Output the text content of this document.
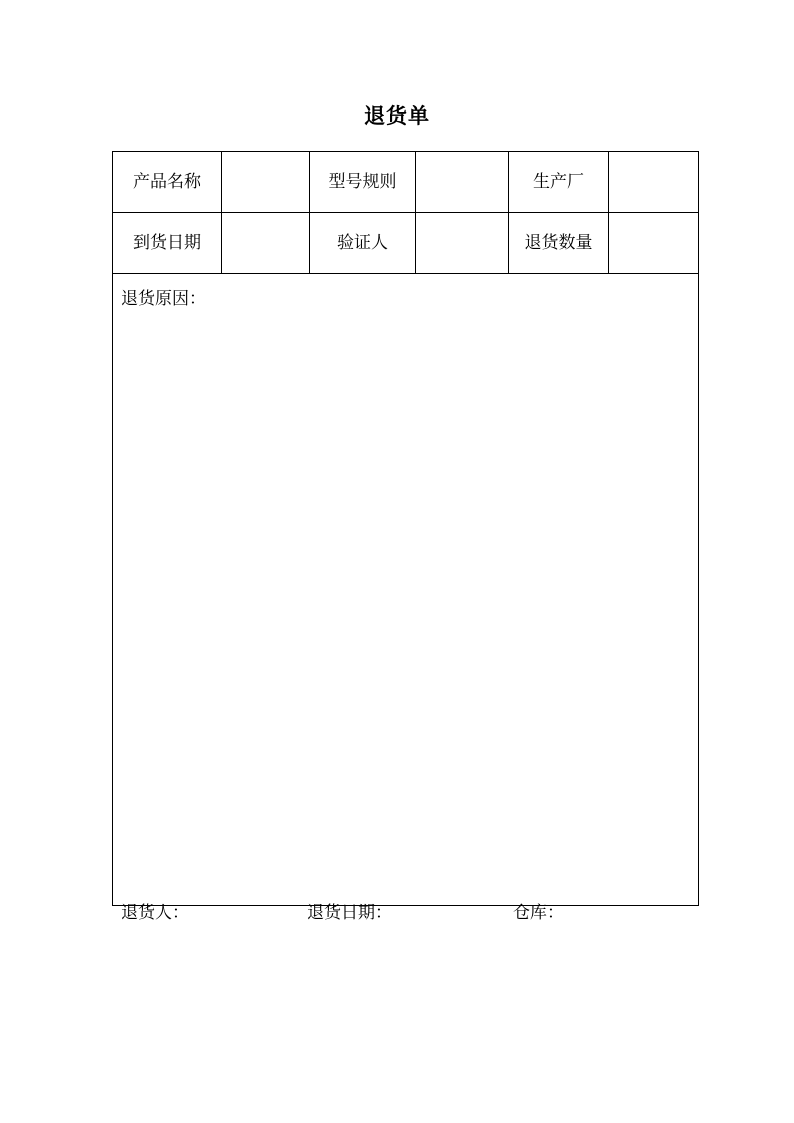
退货单
产品名称		型号规则		生产厂	
到货日期		验证人		退货数量	
退货原因：					
退货人：	退货日期：	仓库：
